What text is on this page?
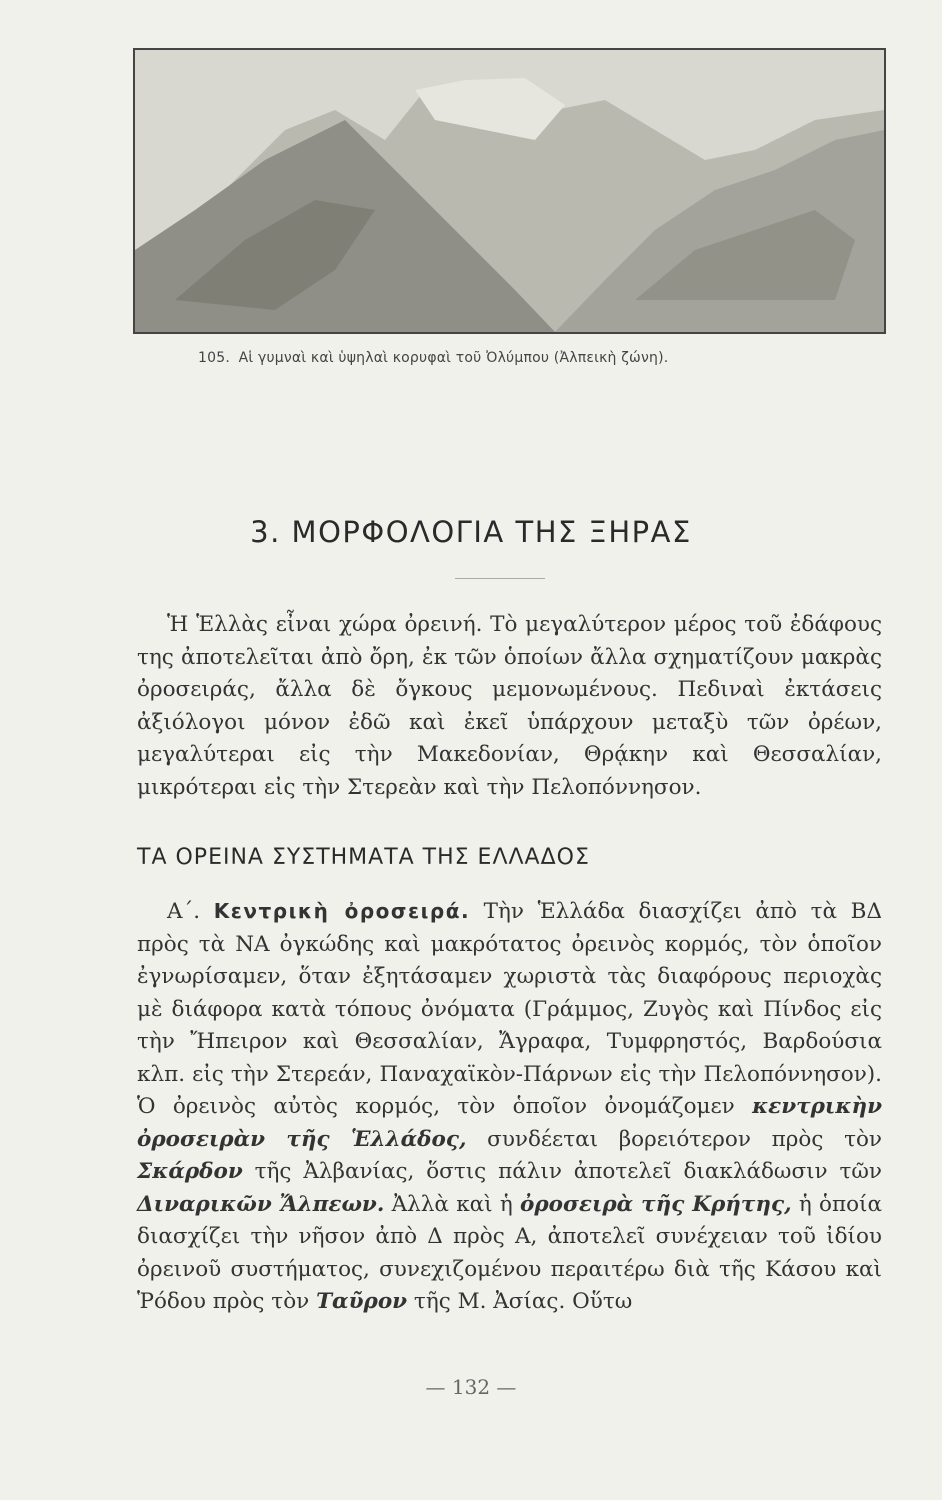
105. Αἱ γυμναὶ καὶ ὑψηλαὶ κορυφαὶ τοῦ Ὀλύμπου (Ἀλπεικὴ ζώνη).
3. ΜΟΡΦΟΛΟΓΙΑ ΤΗΣ ΞΗΡΑΣ

Ἡ Ἑλλὰς εἶναι χώρα ὀρεινή. Τὸ μεγαλύτερον μέρος τοῦ ἐδάφους της ἀποτελεῖται ἀπὸ ὄρη, ἐκ τῶν ὁποίων ἄλλα σχηματίζουν μακρὰς ὀροσειράς, ἄλλα δὲ ὄγκους μεμονωμένους. Πεδιναὶ ἐκτάσεις ἀξιόλογοι μόνον ἐδῶ καὶ ἐκεῖ ὑπάρχουν μεταξὺ τῶν ὀρέων, μεγαλύτεραι εἰς τὴν Μακεδονίαν, Θρᾴκην καὶ Θεσσαλίαν, μικρότεραι εἰς τὴν Στερεὰν καὶ τὴν Πελοπόννησον.

ΤΑ ΟΡΕΙΝΑ ΣΥΣΤΗΜΑΤΑ ΤΗΣ ΕΛΛΑΔΟΣ

Α΄. Κεντρικὴ ὀροσειρά. Τὴν Ἑλλάδα διασχίζει ἀπὸ τὰ ΒΔ πρὸς τὰ ΝΑ ὀγκώδης καὶ μακρότατος ὀρεινὸς κορμός, τὸν ὁποῖον ἐγνωρίσαμεν, ὅταν ἐξητάσαμεν χωριστὰ τὰς διαφόρους περιοχὰς μὲ διάφορα κατὰ τόπους ὀνόματα (Γράμμος, Ζυγὸς καὶ Πίνδος εἰς τὴν Ἤπειρον καὶ Θεσσαλίαν, Ἄγραφα, Τυμφρηστός, Βαρδούσια κλπ. εἰς τὴν Στερεάν, Παναχαϊκὸν-Πάρνων εἰς τὴν Πελοπόννησον). Ὁ ὀρεινὸς αὐτὸς κορμός, τὸν ὁποῖον ὀνομάζομεν κεντρικὴν ὀροσειρὰν τῆς Ἑλλάδος, συνδέεται βορειότερον πρὸς τὸν Σκάρδον τῆς Ἀλβανίας, ὅστις πάλιν ἀποτελεῖ διακλάδωσιν τῶν Διναρικῶν Ἄλπεων. Ἀλλὰ καὶ ἡ ὀροσειρὰ τῆς Κρήτης, ἡ ὁποία διασχίζει τὴν νῆσον ἀπὸ Δ πρὸς Α, ἀποτελεῖ συνέχειαν τοῦ ἰδίου ὀρεινοῦ συστήματος, συνεχιζομένου περαιτέρω διὰ τῆς Κάσου καὶ Ῥόδου πρὸς τὸν Ταῦρον τῆς Μ. Ἀσίας. Οὕτω

— 132 —
